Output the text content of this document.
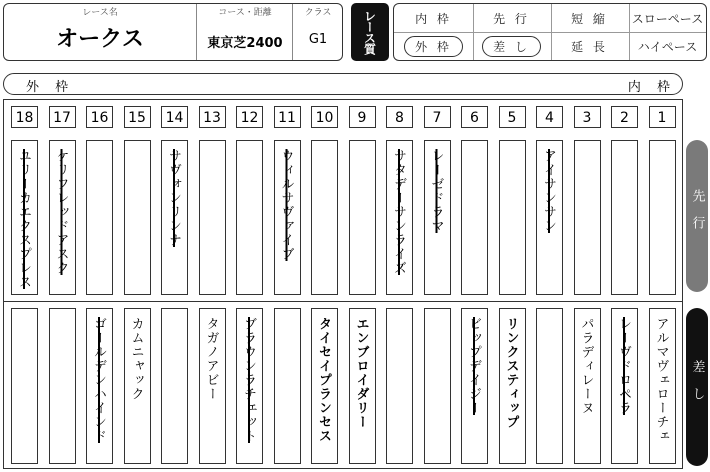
レース名
オークス
コース・距離
東京芝2400
クラス
G1	レース質	内 枠	先 行	短 縮 スローペース
外 枠	差 し	延 長 ハイペース
外 枠	内 枠
18
ユリーカエクスプレス
17
ケリフレッドアスク
16
ゴールデンハインド
15
カムニャック
14
サヴォンリンナ
13
タガノアビー
12
ブラウンラチェット
11
ウィルサヴァイブ
10
タイセイプランセス
9
エンブロイダリー
8
サタデーサンライズ
7
レーゼドラマ
6
ビップデイジー
5
リンクスティップ
4
アイサンサン
3
パラディレーヌ
2
レーヴドロペラ
1
アルマヴェローチェ
先行
差し
